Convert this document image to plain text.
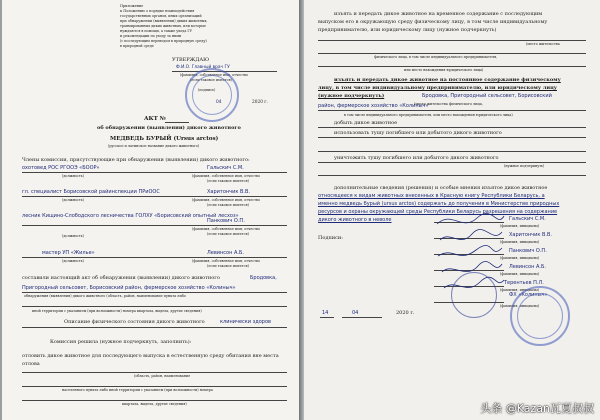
Приложение
к Положению о порядке взаимодействия
государственных органов, иных организаций
при обнаружении (выявлении) диких животных,
травмированных диких животных, или которые
нуждаются в помощи, а также ухода ГУ
и рекомендации по уходу за ними
(с последующим переводом в природную среду)
в природной среде
УТВЕРЖДАЮ
Ф.И.О. Главный врач ГУ
(фамилия, собственное имя, отчество
(если таковое имеется)
(подпись)
04	2020 г.
АКТ №
об обнаружении (выявлении) дикого животного
МЕДВЕДЬ БУРЫЙ (Ursus arctos)
(русское и латинское название дикого животного)
Члены комиссии, присутствующие при обнаружении (выявлении) дикого животного:
охотовед РОС РГООЭ «БООР»	Гальскич С.М.
(должность)	(фамилия, собственное имя, отчество
(если таковое имеется)
гл. специалист Борисовской райинспекции ПРиООС	Харитончик В.В.
(должность)	(фамилия, собственное имя, отчество
(если таковое имеется)
лесник Кищино-Слободского лесничества ГОЛХУ «Борисовский опытный лесхоз»
Панкович О.П.
(должность)
(фамилия, собственное имя, отчество
(если таковое имеется)
мастер УП «Жилье»	Левинсон А.Б.
(должность)	(фамилия, собственное имя, отчество
(если таковое имеется)
составили настоящий акт об обнаружении (выявлении) дикого животного	Бродовка,
Пригородный сельсовет, Борисовский район, фермерское хозяйство «Колиныч»
обнаружения (выявления) дикого животного (область, район, наименование пункта либо
иной территории с указанием (при возможности) номера квартала, выдела, другие сведения)
Описание физического состояния дикого животного	клинически здоров
Комиссия решила (нужное подчеркнуть, заполнить):
отловить дикое животное для последующего выпуска в естественную среду обитания вне места отлова
(область, район, наименование
населенного пункта либо иной территории с указанием (при возможности) номера
квартала, выдела, другие сведения)
изъять и передать дикое животное на временное содержание с последующим
выпуском его в окружающую среду физическому лицу, в том числе индивидуальному
предпринимателю, или юридическому лицу (нужное подчеркнуть)
(место жительства
физического лица, в том числе индивидуального предпринимателя,
или место нахождения юридического лица)
изъять и передать дикое животное на постоянное содержание физическому
лицу, в том числе индивидуальному предпринимателю, или юридическому лицу
(нужное подчеркнуть)	Бродовка, Пригородный сельсовет, Борисовский
район, фермерское хозяйство «Колиныч»
(место жительства физического лица,
в том числе индивидуального предпринимателя, или место нахождения юридического лица)
добыть дикое животное
использовать тушу погибшего или добытого дикого животного
уничтожить тушу погибшего или добытого дикого животного
(нужное подчеркнуть)
дополнительные сведения (решения) и особые мнения изъятое дикое животное
относящееся к видам животных внесенных в Красную книгу Республики Беларусь, а
именно медведь бурый (ursus arctos) содержать до получения в Министерстве природных
ресурсов и охраны окружающей среды Республики Беларусь разрешения на содержание
дикого животного в неволе
Подписи:
Гальскич С.М.
(фамилия, инициалы)
Харитончик В.В.
(фамилия, инициалы)
Панкович О.П.
(фамилия, инициалы)
Левинсон А.Б.
(фамилия, инициалы)
Терентьев П.Л.
(фамилия, инициалы)
ФХ «Колиныч»
(фамилия, инициалы)
14	04	2020 г.
头条 @Kazan瓦夏叔叔
